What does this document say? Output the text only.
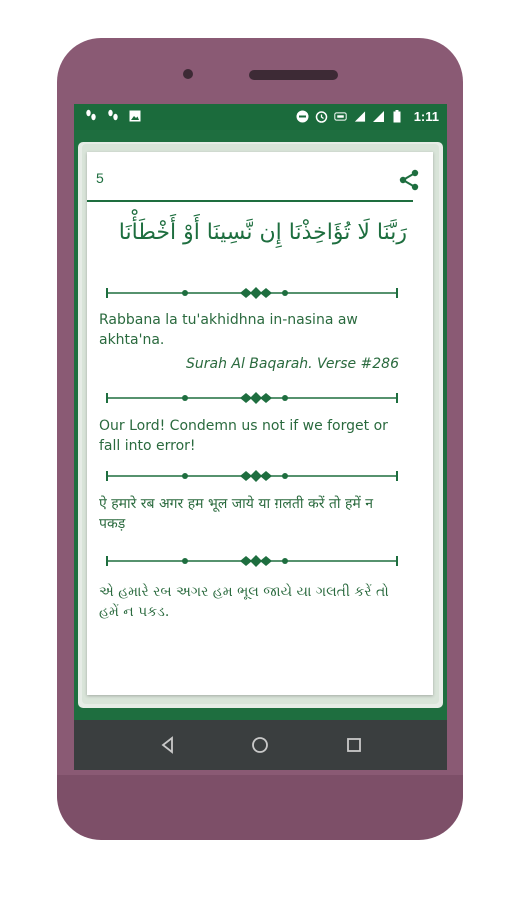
1:11
5
رَبَّنَا لَا تُؤَاخِذْنَا إِن نَّسِينَا أَوْ أَخْطَأْنَا
Rabbana la tu'akhidhna in-nasina aw akhta'na.
Surah Al Baqarah. Verse #286
Our Lord! Condemn us not if we forget or fall into error!
ऐ हमारे रब अगर हम भूल जाये या ग़लती करें तो हमें न पकड़
એ હમારે રબ અગર હમ ભૂલ જાયે યા ગલતી કરેં તો હમેં ન પકડ.
